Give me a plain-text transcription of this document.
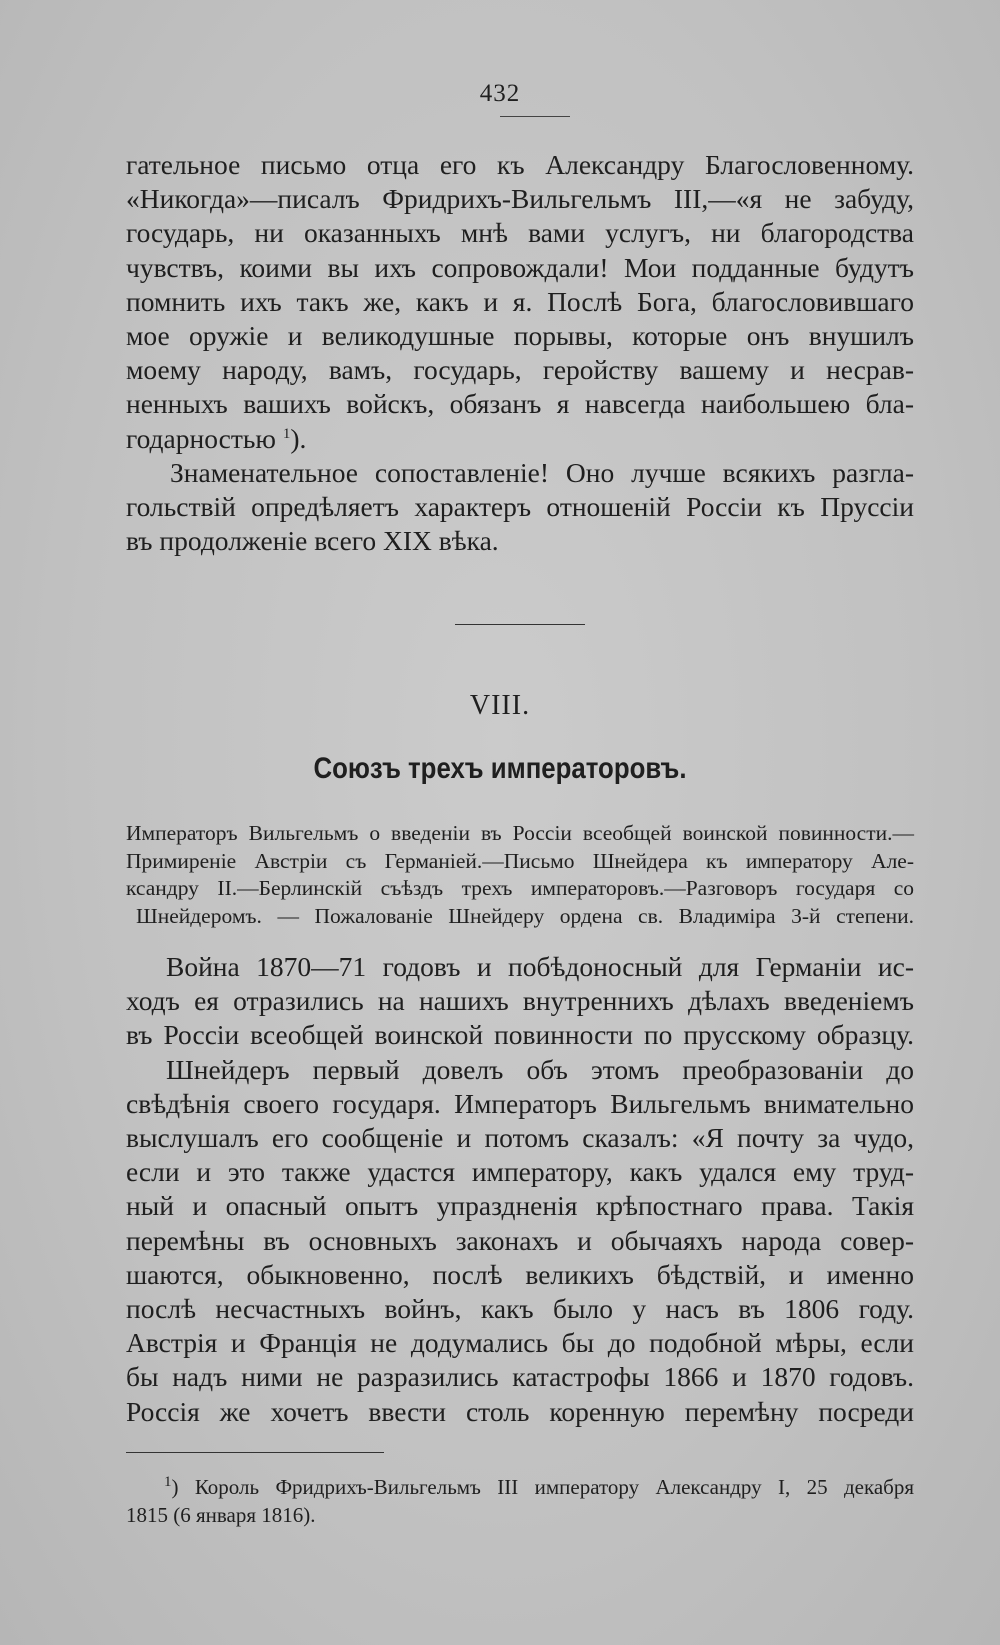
432

гательное письмо отца его къ Александру Благословенному.
«Никогда»—писалъ Фридрихъ-Вильгельмъ III,—«я не забуду,
государь, ни оказанныхъ мнѣ вами услугъ, ни благородства
чувствъ, коими вы ихъ сопровождали! Мои подданные будутъ
помнить ихъ такъ же, какъ и я. Послѣ Бога, благословившаго
мое оружіе и великодушные порывы, которые онъ внушилъ
моему народу, вамъ, государь, геройству вашему и несрав-
ненныхъ вашихъ войскъ, обязанъ я навсегда наибольшею бла-
годарностью $^1$).

Знаменательное сопоставленіе! Оно лучше всякихъ разгла-
гольствій опредѣляетъ характеръ отношеній Россіи къ Пруссіи
въ продолженіе всего XIX вѣка.

VIII.
Союзъ трехъ императоровъ.
Императоръ Вильгельмъ о введеніи въ Россіи всеобщей воинской повинности.—
Примиреніе Австріи съ Германіей.—Письмо Шнейдера къ императору Але-
ксандру II.—Берлинскій съѣздъ трехъ императоровъ.—Разговоръ государя со
Шнейдеромъ. — Пожалованіе Шнейдеру ордена св. Владиміра 3-й степени.

Война 1870—71 годовъ и побѣдоносный для Германіи ис-
ходъ ея отразились на нашихъ внутреннихъ дѣлахъ введеніемъ
въ Россіи всеобщей воинской повинности по прусскому образцу.

Шнейдеръ первый довелъ объ этомъ преобразованіи до
свѣдѣнія своего государя. Императоръ Вильгельмъ внимательно
выслушалъ его сообщеніе и потомъ сказалъ: «Я почту за чудо,
если и это также удастся императору, какъ удался ему труд-
ный и опасный опытъ упраздненія крѣпостнаго права. Такія
перемѣны въ основныхъ законахъ и обычаяхъ народа совер-
шаются, обыкновенно, послѣ великихъ бѣдствій, и именно
послѣ несчастныхъ войнъ, какъ было у насъ въ 1806 году.
Австрія и Франція не додумались бы до подобной мѣры, если
бы надъ ними не разразились катастрофы 1866 и 1870 годовъ.
Россія же хочетъ ввести столь коренную перемѣну посреди

$^1$) Король Фридрихъ-Вильгельмъ III императору Александру I, 25 декабря
1815 (6 января 1816).
